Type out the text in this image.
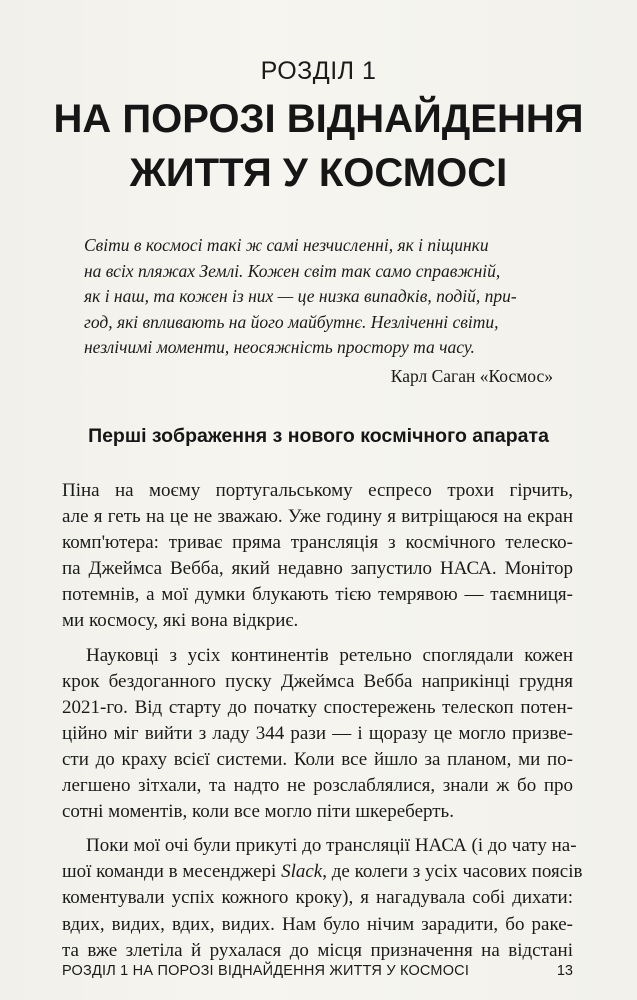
РОЗДІЛ 1
НА ПОРОЗІ ВІДНАЙДЕННЯ
ЖИТТЯ У КОСМОСІ
Світи в космосі такі ж самі незчисленні, як і піщинки
на всіх пляжах Землі. Кожен світ так само справжній,
як і наш, та кожен із них — це низка випадків, подій, при-
год, які впливають на його майбутнє. Незліченні світи,
незлічимі моменти, неосяжність простору та часу.
Карл Саган «Космос»
Перші зображення з нового космічного апарата
Піна на моєму португальському еспресо трохи гірчить,
але я геть на це не зважаю. Уже годину я витріщаюся на екран
комп'ютера: триває пряма трансляція з космічного телеско-
па Джеймса Вебба, який недавно запустило НАСА. Монітор
потемнів, а мої думки блукають тією темрявою — таємниця-
ми космосу, які вона відкриє.
Науковці з усіх континентів ретельно споглядали кожен
крок бездоганного пуску Джеймса Вебба наприкінці грудня
2021-го. Від старту до початку спостережень телескоп потен-
ційно міг вийти з ладу 344 рази — і щоразу це могло призве-
сти до краху всієї системи. Коли все йшло за планом, ми по-
легшено зітхали, та надто не розслаблялися, знали ж бо про
сотні моментів, коли все могло піти шкереберть.
Поки мої очі були прикуті до трансляції НАСА (і до чату на-
шої команди в месенджері Slack, де колеги з усіх часових поясів
коментували успіх кожного кроку), я нагадувала собі дихати:
вдих, видих, вдих, видих. Нам було нічим зарадити, бо раке-
та вже злетіла й рухалася до місця призначення на відстані
РОЗДІЛ 1 НА ПОРОЗІ ВІДНАЙДЕННЯ ЖИТТЯ У КОСМОСІ	13
